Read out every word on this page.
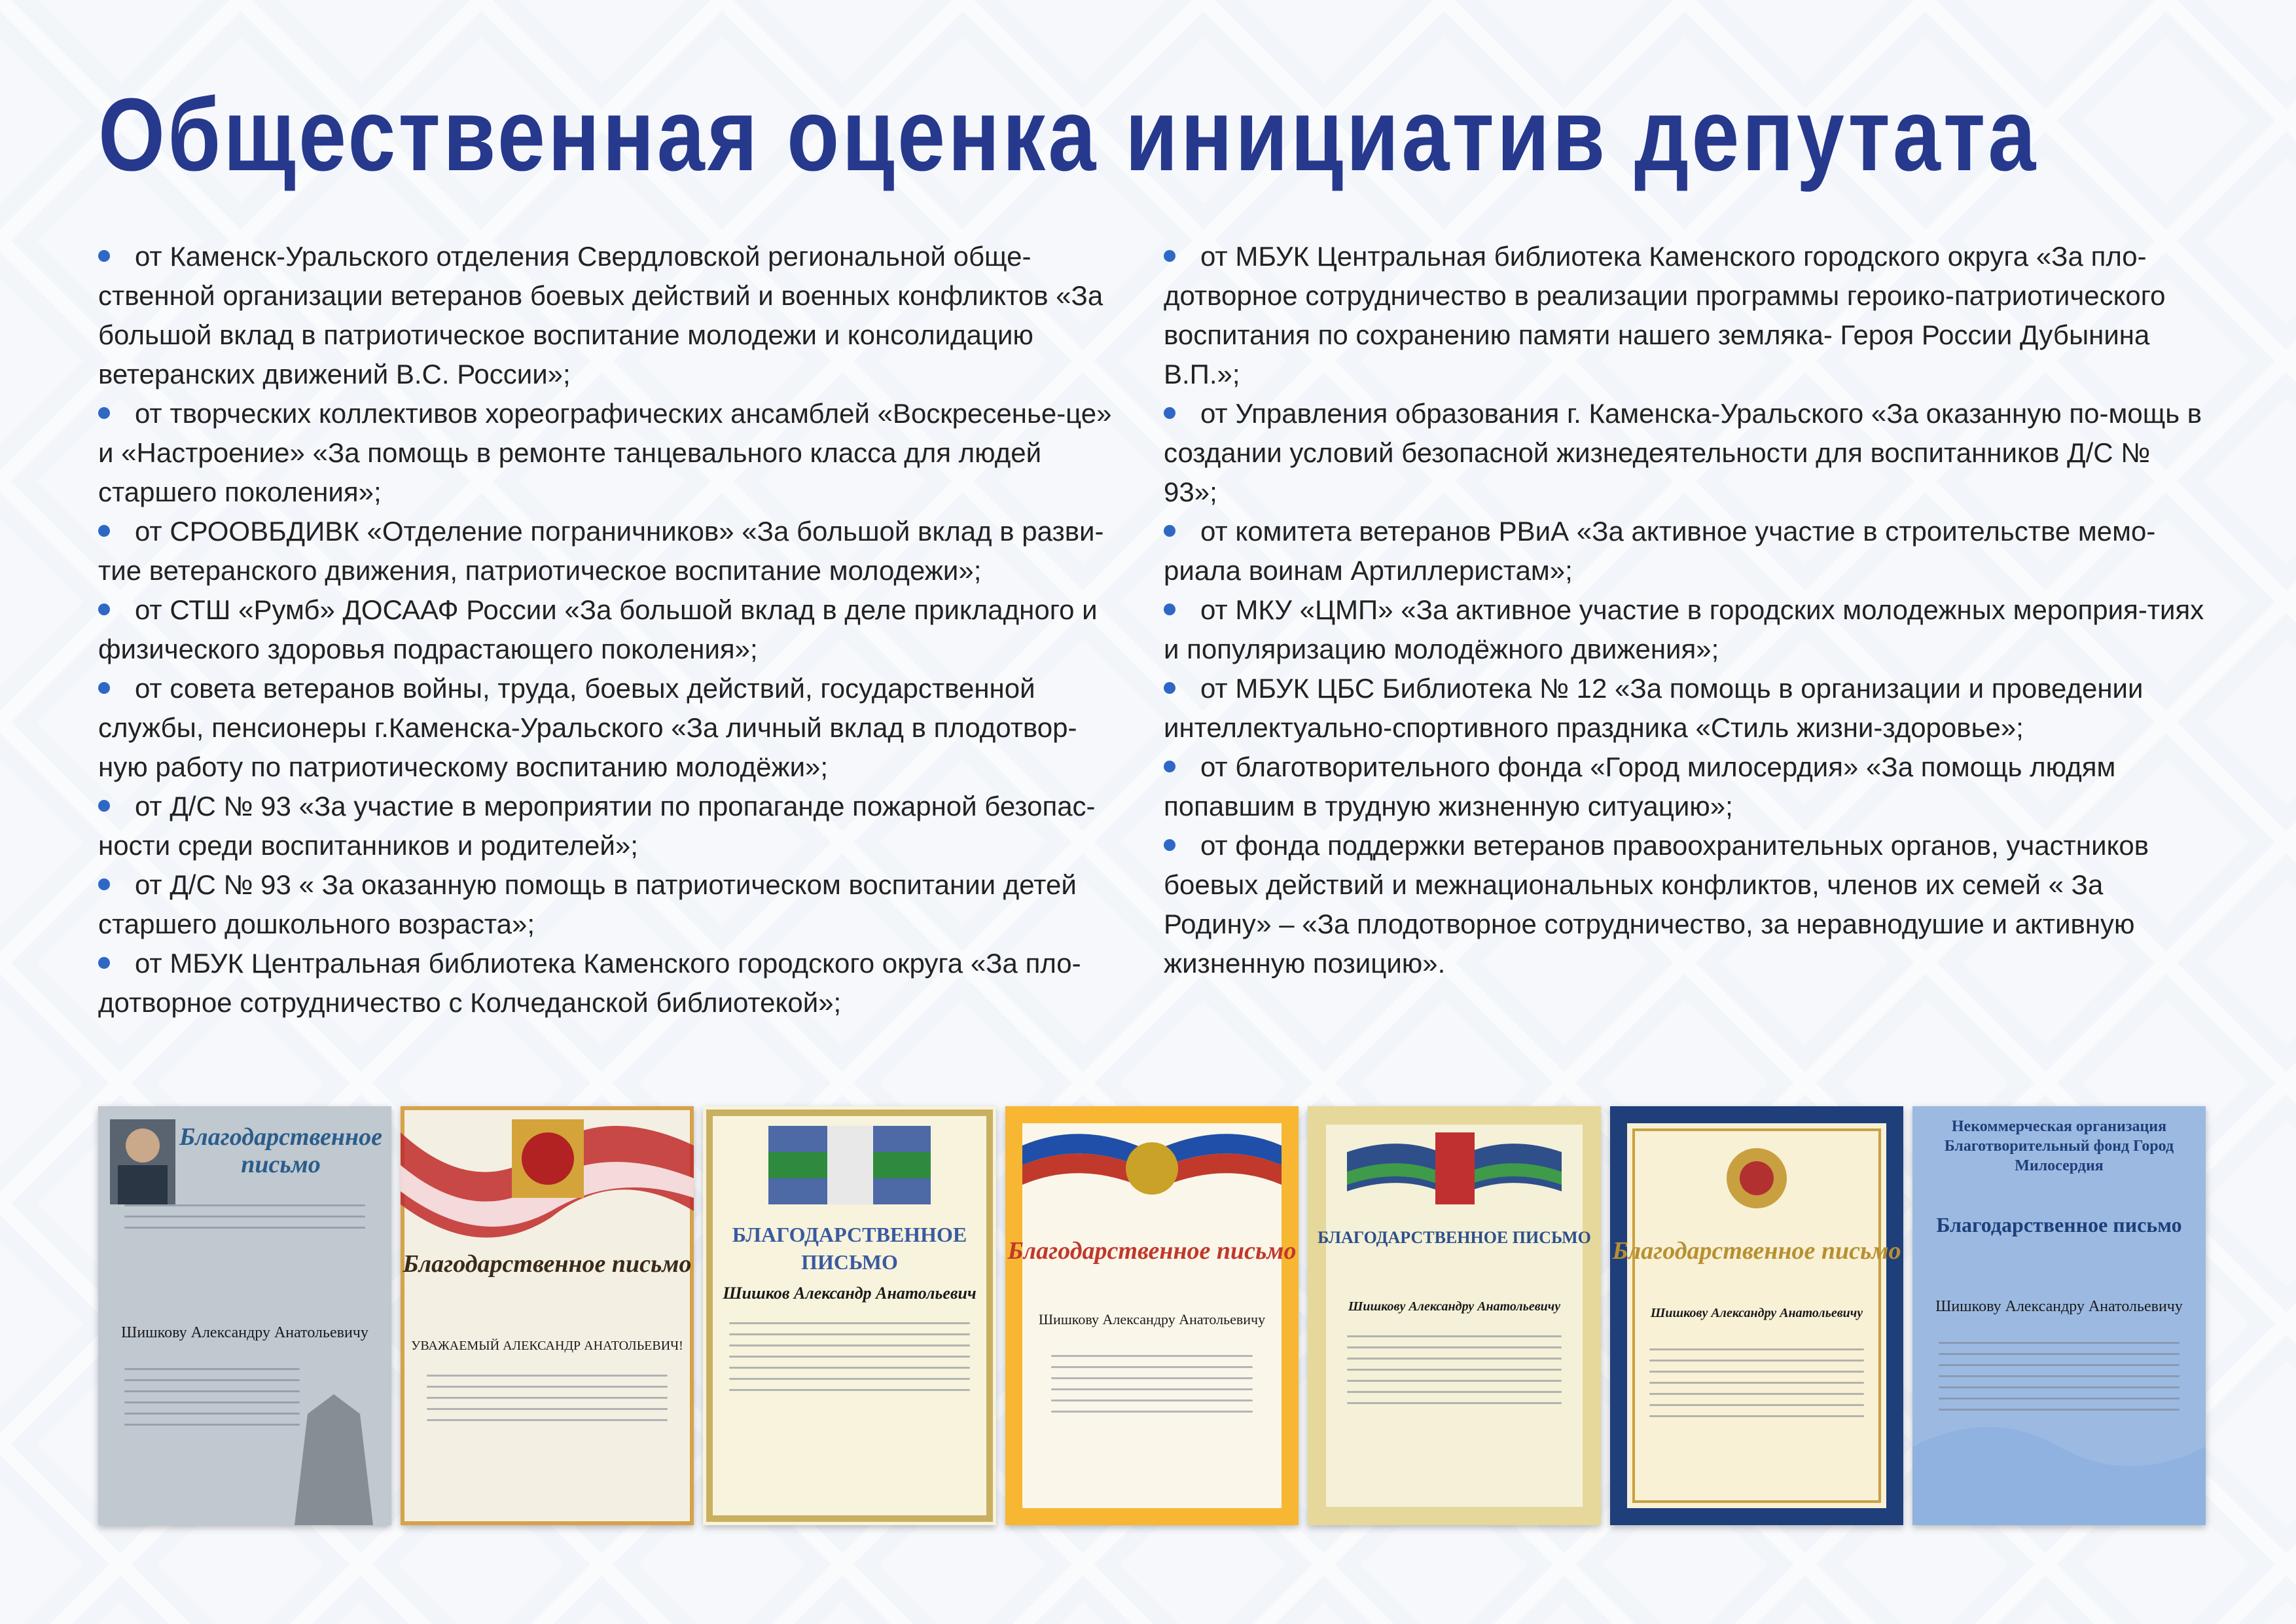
Общественная оценка инициатив депутата
от Каменск-Уральского отделения Свердловской региональной обще-ственной организации ветеранов боевых действий и военных конфликтов «За большой вклад в патриотическое воспитание молодежи и консолидацию ветеранских движений В.С. России»;
от творческих коллективов хореографических ансамблей «Воскресенье-це» и «Настроение» «За помощь в ремонте танцевального класса для людей старшего поколения»;
от СРООВБДИВК «Отделение пограничников» «За большой вклад в разви-тие ветеранского движения, патриотическое воспитание молодежи»;
от СТШ «Румб» ДОСААФ России «За большой вклад в деле прикладного и физического здоровья подрастающего поколения»;
от совета ветеранов войны, труда, боевых действий, государственной службы, пенсионеры г.Каменска-Уральского «За личный вклад в плодотвор-ную работу по патриотическому воспитанию молодёжи»;
от Д/С № 93 «За участие в мероприятии по пропаганде пожарной безопас-ности среди воспитанников и родителей»;
от Д/С № 93 « За оказанную помощь в патриотическом воспитании детей старшего дошкольного возраста»;
от МБУК Центральная библиотека Каменского городского округа «За пло-дотворное сотрудничество с Колчеданской библиотекой»;
от МБУК Центральная библиотека Каменского городского округа «За пло-дотворное сотрудничество в реализации программы героико-патриотического воспитания по сохранению памяти нашего земляка- Героя России Дубынина В.П.»;
от Управления образования г. Каменска-Уральского «За оказанную по-мощь в создании условий безопасной жизнедеятельности для воспитанников Д/С № 93»;
от комитета ветеранов РВиА «За активное участие в строительстве мемо-риала воинам Артиллеристам»;
от МКУ «ЦМП» «За активное участие в городских молодежных мероприя-тиях и популяризацию молодёжного движения»;
от МБУК ЦБС Библиотека № 12 «За помощь в организации и проведении интеллектуально-спортивного праздника «Стиль жизни-здоровье»;
от благотворительного фонда «Город милосердия» «За помощь людям попавшим в трудную жизненную ситуацию»;
от фонда поддержки ветеранов правоохранительных органов, участников боевых действий и межнациональных конфликтов, членов их семей « За Родину» – «За плодотворное сотрудничество, за неравнодушие и активную жизненную позицию».
Благодарственное письмо
Шишкову Александру Анатольевичу
Благодарственное письмо
УВАЖАЕМЫЙ АЛЕКСАНДР АНАТОЛЬЕВИЧ!
БЛАГОДАРСТВЕННОЕ ПИСЬМО
Шишков Александр Анатольевич
Благодарственное письмо
Шишкову Александру Анатольевичу
БЛАГОДАРСТВЕННОЕ ПИСЬМО
Шишкову Александру Анатольевичу
Благодарственное письмо
Шишкову Александру Анатольевичу
Некоммерческая организация Благотворительный фонд Город Милосердия
Благодарственное письмо
Шишкову Александру Анатольевичу
